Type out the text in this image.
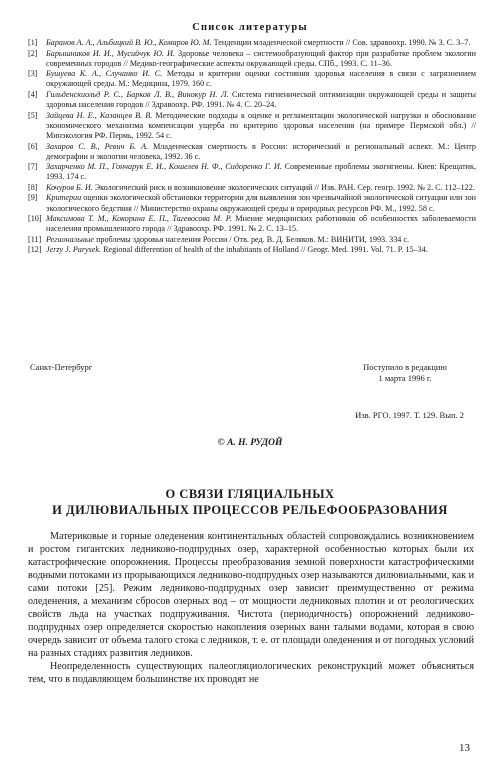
Список литературы
[1]	Баранов А. А., Альбицкий В. Ю., Комаров Ю. М. Тенденции младенческой смертности // Сов. здравоохр. 1990. № 3. С. 3–7.
[2]	Барышников И. И., Мусийчук Ю. И. Здоровье человека – системообразующий фактор при разработке проблем экологии современных городов // Медико-географические аспекты окружающей среды. СПб., 1993. С. 11–36.
[3]	Бушуева К. А., Случанко И. С. Методы и критерии оценки состояния здоровья населения в связи с загрязнением окружающей среды. М.: Медицина, 1979. 160 с.
[4]	Гильденскиольд Р. С., Барков Л. В., Винокур Н. Л. Система гигиенической оптимизации окружающей среды и защиты здоровья населения городов // Здравоохр. РФ. 1991. № 4. С. 20–24.
[5]	Зайцева Н. Е., Казанцев В. В. Методические подходы к оценке и регламентации экологической нагрузки и обоснование экономического механизма компенсации ущерба по критерию здоровья населения (на примере Пермской обл.) // Минэкология РФ. Пермь, 1992. 54 с.
[6]	Захаров С. В., Ревич Б. А. Младенческая смертность в России: исторический и региональный аспект. М.: Центр демографии и экологии человека, 1992. 36 с.
[7]	Захарченко М. П., Гончарук Е. И., Кошелев Н. Ф., Сидоренко Г. И. Современные проблемы экогигиены. Киев: Крещатик, 1993. 174 с.
[8]	Кочуров Б. И. Экологический риск и возникновение экологических ситуаций // Изв. РАН. Сер. геогр. 1992. № 2. С. 112–122.
[9]	Критерии оценки экологической обстановки территории для выявления зон чрезвычайной экологической ситуации или зон экологического бедствия // Министерство охраны окружающей среды и природных ресурсов РФ. М., 1992. 58 с.
[10] Максимова Т. М., Кокорина Е. П., Тагевосова М. Р. Мнение медицинских работников об особенностях заболеваемости населения промышленного города // Здравоохр. РФ. 1991. № 2. С. 13–15.
[11] Региональные проблемы здоровья населения России / Отв. ред. В. Д. Беляков. М.: ВИНИТИ, 1993. 334 с.
[12] Jerzy J. Parysek. Regional differention of hеalth of the inhabitants of Holland // Geogr. Med. 1991. Vol. 71. P. 15–34.
Санкт-Петербург	Поступило в редакцию
1 марта 1996 г.
Изв. РГО. 1997. Т. 129. Вып. 2
© А. Н. РУДОЙ
О СВЯЗИ ГЛЯЦИАЛЬНЫХ
И ДИЛЮВИАЛЬНЫХ ПРОЦЕССОВ РЕЛЬЕФООБРАЗОВАНИЯ

Материковые и горные оледенения континентальных областей сопровождались возникновением и ростом гигантских ледниково-подпрудных озер, характерной особенностью которых были их катастрофические опорожнения. Процессы преобразования земной поверхности катастрофическими водными потоками из прорывающихся ледниково-подпрудных озер называются дилювиальными, как и сами потоки [25]. Режим ледниково-подпрудных озер зависит преимущественно от режима оледенения, а механизм сбросов озерных вод – от мощности ледниковых плотин и от реологических свойств льда на участках подпруживания. Чистота (периодичность) опорожнений ледниково-подпрудных озер определяется скоростью накопления озерных ванн талыми водами, которая в свою очередь зависит от объема талого стока с ледников, т. е. от площади оледенения и от погодных условий на разных стадиях развития ледников.

Неопределенность существующих палеогляциологических реконструкций может объясняться тем, что в подавляющем большинстве их проводят не

13
